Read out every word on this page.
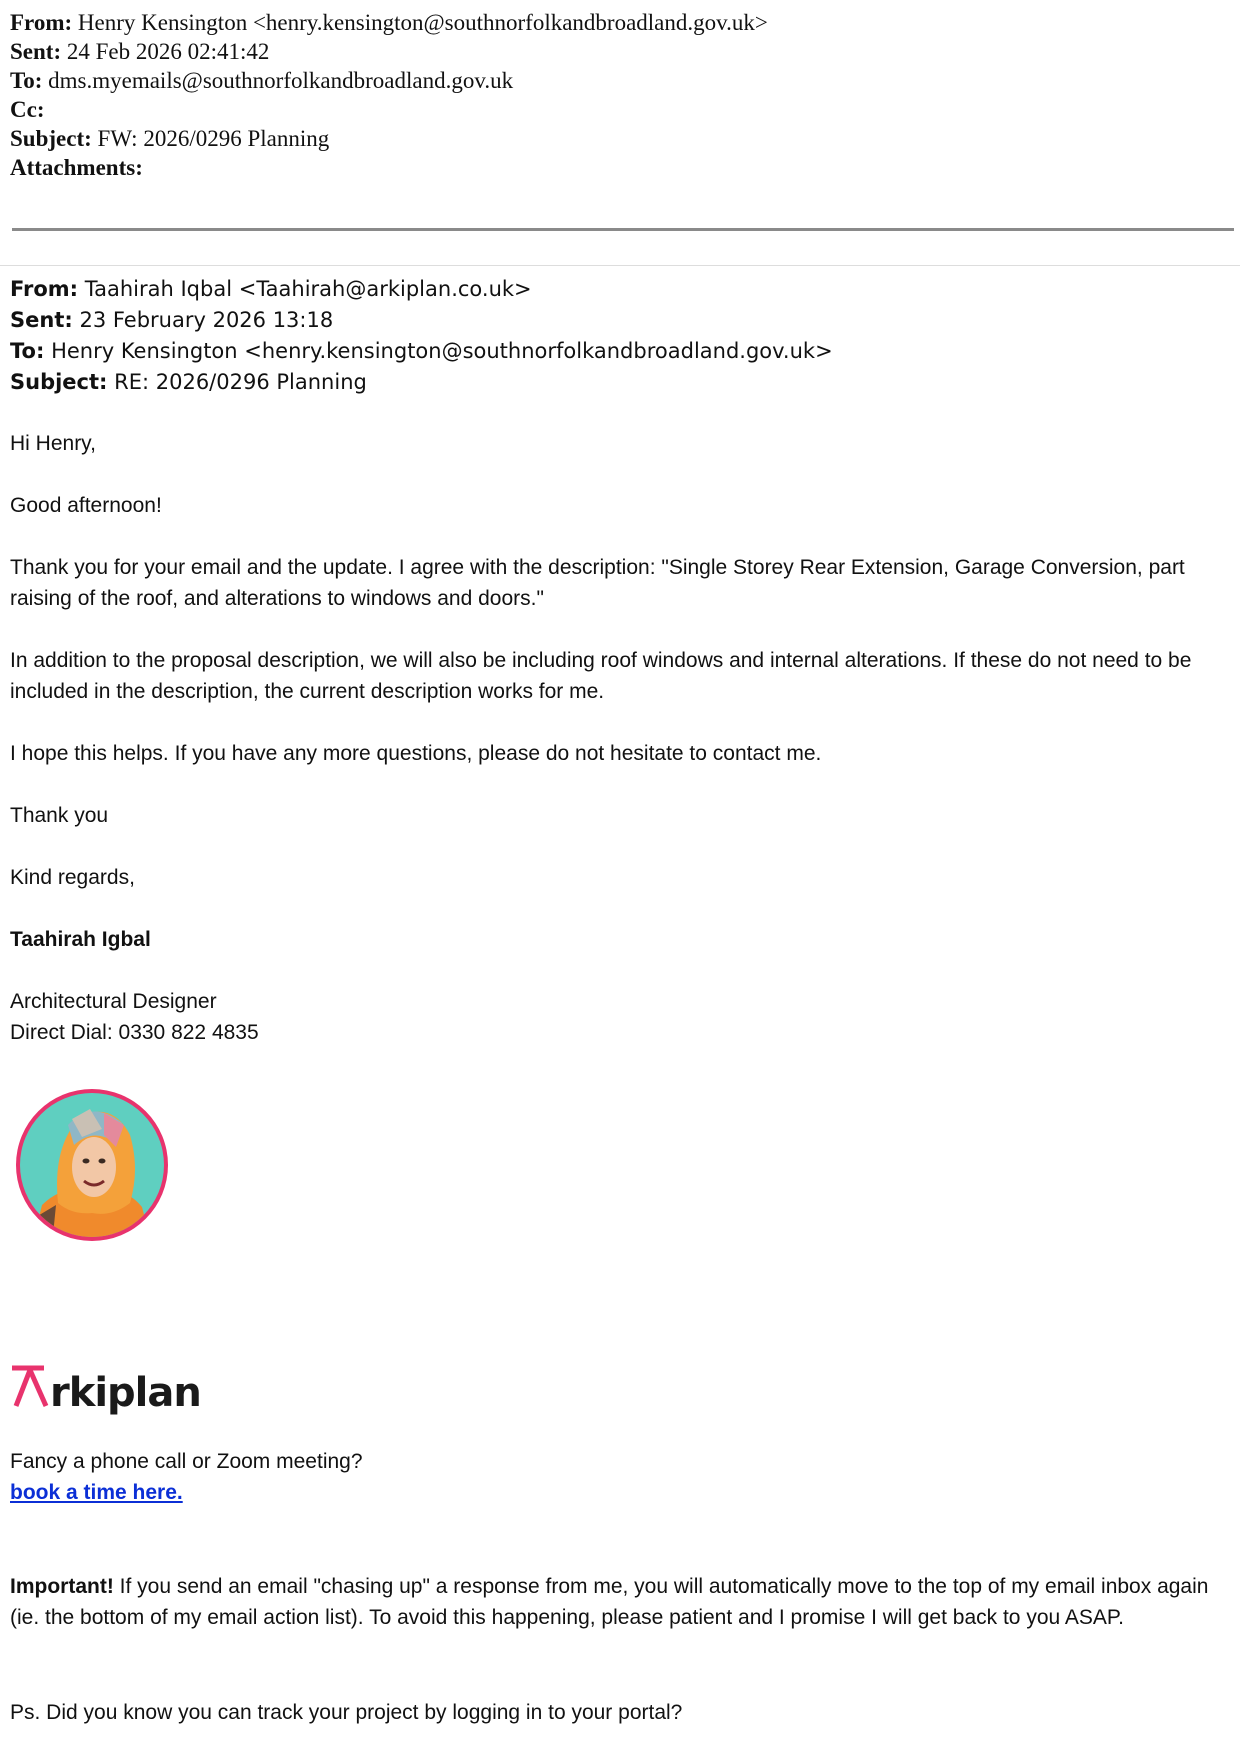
From: Henry Kensington <henry.kensington@southnorfolkandbroadland.gov.uk>
Sent: 24 Feb 2026 02:41:42
To: dms.myemails@southnorfolkandbroadland.gov.uk
Cc:
Subject: FW: 2026/0296 Planning
Attachments:
From: Taahirah Iqbal <Taahirah@arkiplan.co.uk>
Sent: 23 February 2026 13:18
To: Henry Kensington <henry.kensington@southnorfolkandbroadland.gov.uk>
Subject: RE: 2026/0296 Planning

Hi Henry,

Good afternoon!

Thank you for your email and the update. I agree with the description: "Single Storey Rear Extension, Garage Conversion, part raising of the roof, and alterations to windows and doors."

In addition to the proposal description, we will also be including roof windows and internal alterations. If these do not need to be included in the description, the current description works for me.

I hope this helps. If you have any more questions, please do not hesitate to contact me.

Thank you

Kind regards,

Taahirah Igbal

Architectural Designer
Direct Dial: 0330 822 4835
rkiplan
Fancy a phone call or Zoom meeting?
book a time here.
Important! If you send an email "chasing up" a response from me, you will automatically move to the top of my email inbox again (ie. the bottom of my email action list). To avoid this happening, please patient and I promise I will get back to you ASAP.
Ps. Did you know you can track your project by logging in to your portal?
